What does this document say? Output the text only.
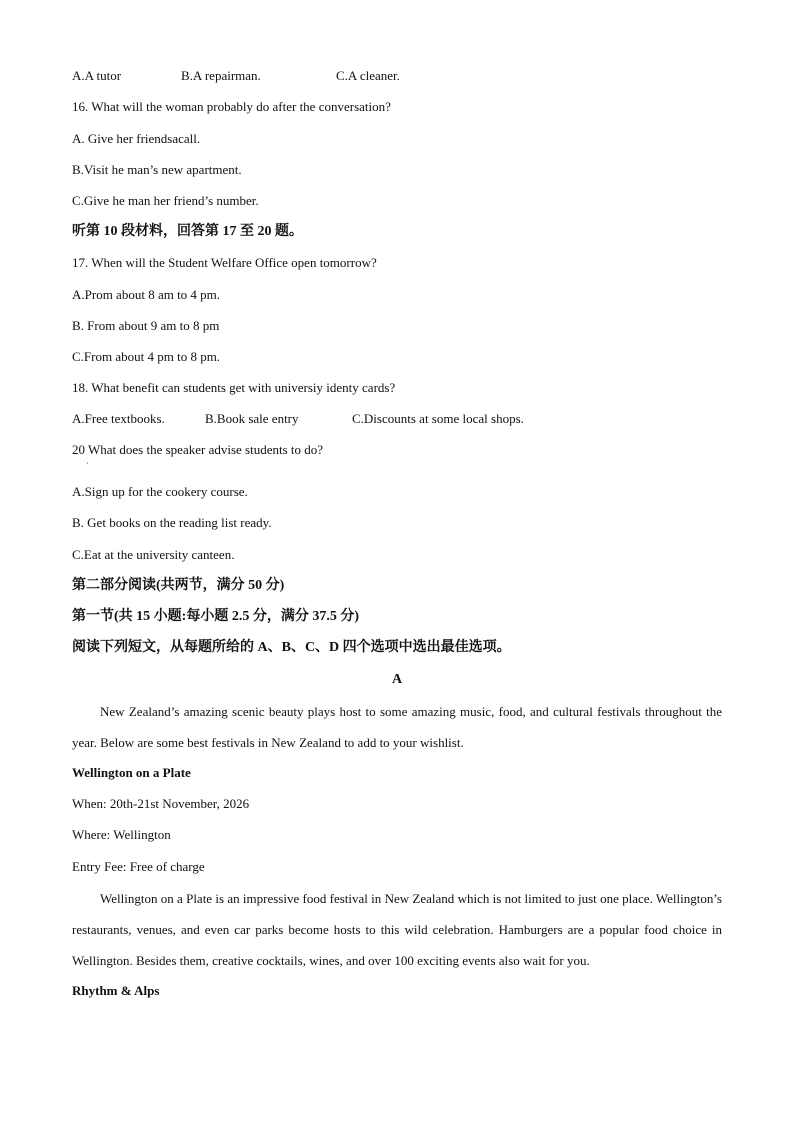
A.A tutor	B.A repairman.	C.A cleaner.
16. What will the woman probably do after the conversation?
A. Give her friendsacall.
B.Visit he man’s new apartment.
C.Give he man her friend’s number.
听第 10 段材料，回答第 17 至 20 题。
17. When will the Student Welfare Office open tomorrow?
A.Prom about 8 am to 4 pm.
B. From about 9 am to 8 pm
C.From about 4 pm to 8 pm.
18. What benefit can students get with universiy identy cards?
A.Free textbooks.	B.Book sale entry	C.Discounts at some local shops.
20 What does the speaker advise students to do?
·
A.Sign up for the cookery course.
B. Get books on the reading list ready.
C.Eat at the university canteen.
第二部分阅读(共两节，满分 50 分)
第一节(共 15 小题:每小题 2.5 分，满分 37.5 分)
阅读下列短文，从每题所给的 A、B、C、D 四个选项中选出最佳选项。
A
New Zealand’s amazing scenic beauty plays host to some amazing music, food, and cultural festivals throughout the year. Below are some best festivals in New Zealand to add to your wishlist.
Wellington on a Plate
When: 20th-21st November, 2026
Where: Wellington
Entry Fee: Free of charge
Wellington on a Plate is an impressive food festival in New Zealand which is not limited to just one place. Wellington’s restaurants, venues, and even car parks become hosts to this wild celebration. Hamburgers are a popular food choice in Wellington. Besides them, creative cocktails, wines, and over 100 exciting events also wait for you.
Rhythm & Alps
